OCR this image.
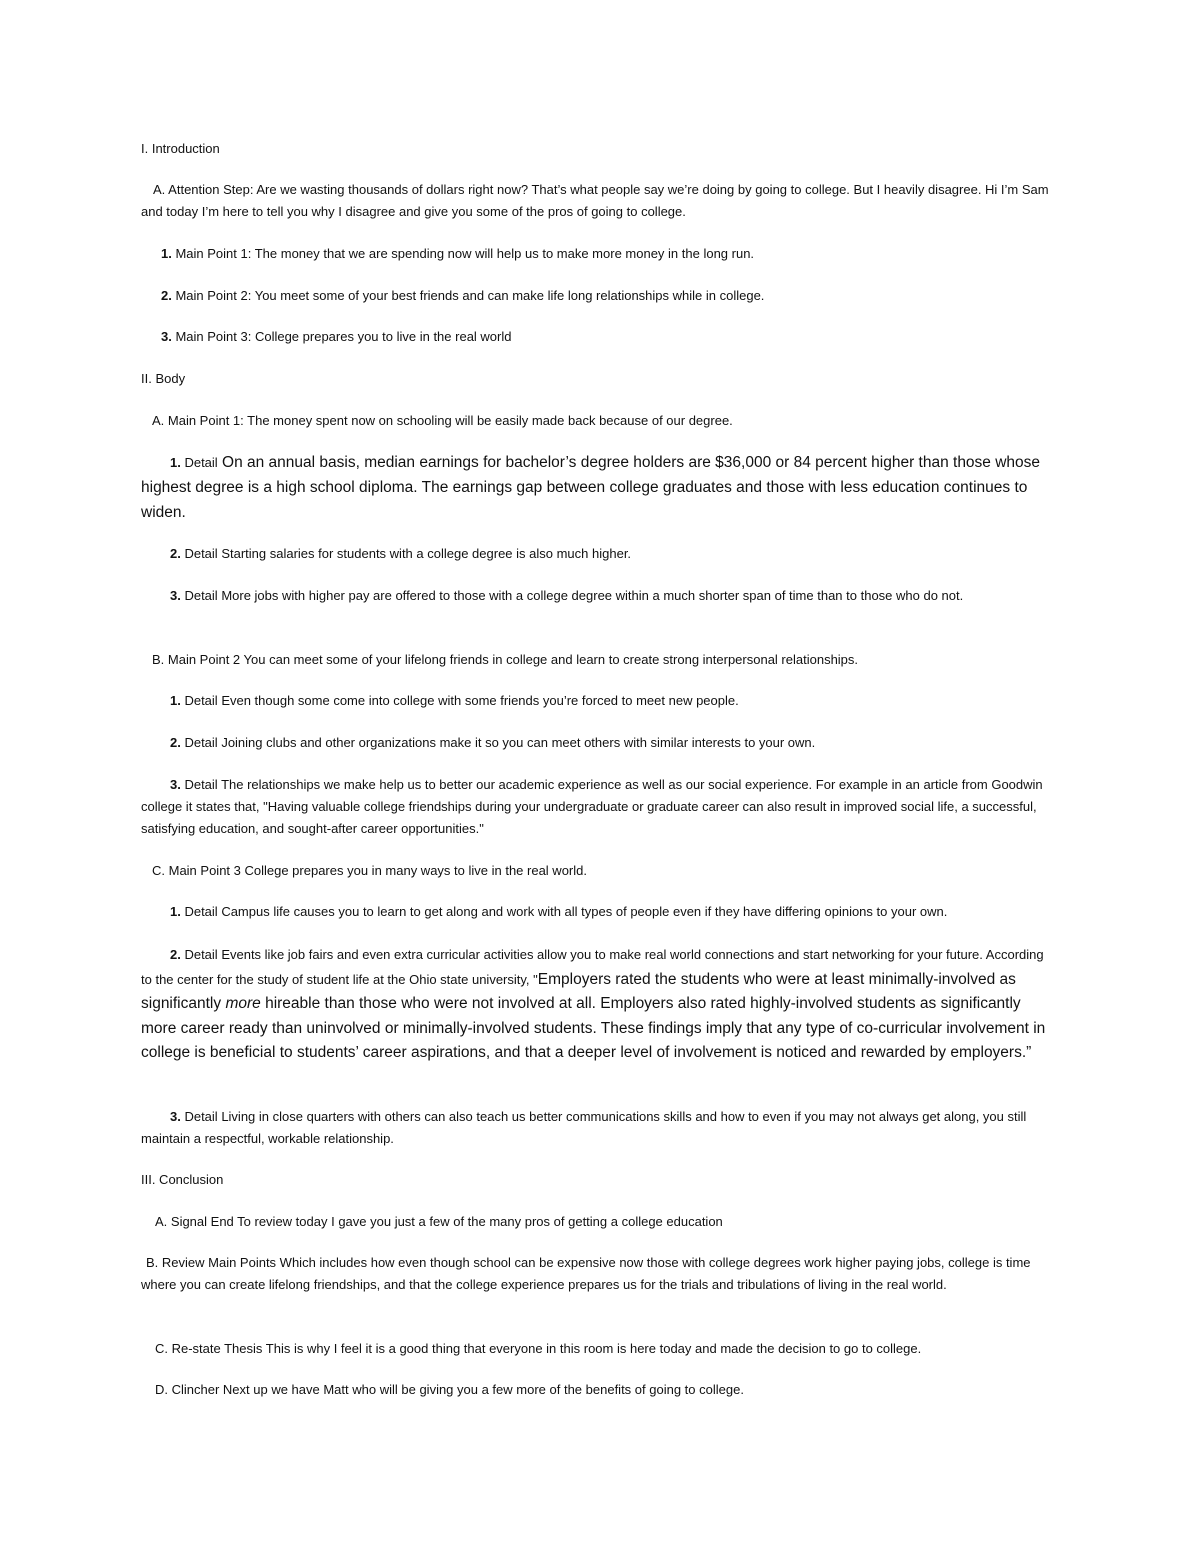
I. Introduction

A. Attention Step: Are we wasting thousands of dollars right now? That’s what people say we’re doing by going to college. But I heavily disagree. Hi I’m Sam and today I’m here to tell you why I disagree and give you some of the pros of going to college.

1. Main Point 1: The money that we are spending now will help us to make more money in the long run.

2. Main Point 2: You meet some of your best friends and can make life long relationships while in college.

3. Main Point 3: College prepares you to live in the real world

II. Body

A. Main Point 1: The money spent now on schooling will be easily made back because of our degree.

1. Detail On an annual basis, median earnings for bachelor’s degree holders are $36,000 or 84 percent higher than those whose highest degree is a high school diploma. The earnings gap between college graduates and those with less education continues to widen.

2. Detail Starting salaries for students with a college degree is also much higher.

3. Detail More jobs with higher pay are offered to those with a college degree within a much shorter span of time than to those who do not.

B. Main Point 2 You can meet some of your lifelong friends in college and learn to create strong interpersonal relationships.

1. Detail Even though some come into college with some friends you’re forced to meet new people.

2. Detail Joining clubs and other organizations make it so you can meet others with similar interests to your own.

3. Detail The relationships we make help us to better our academic experience as well as our social experience. For example in an article from Goodwin college it states that, "Having valuable college friendships during your undergraduate or graduate career can also result in improved social life, a successful, satisfying education, and sought-after career opportunities."

C. Main Point 3 College prepares you in many ways to live in the real world.

1. Detail Campus life causes you to learn to get along and work with all types of people even if they have differing opinions to your own.

2. Detail Events like job fairs and even extra curricular activities allow you to make real world connections and start networking for your future. According to the center for the study of student life at the Ohio state university, "Employers rated the students who were at least minimally-involved as significantly more hireable than those who were not involved at all. Employers also rated highly-involved students as significantly more career ready than uninvolved or minimally-involved students. These findings imply that any type of co-curricular involvement in college is beneficial to students’ career aspirations, and that a deeper level of involvement is noticed and rewarded by employers.”

3. Detail Living in close quarters with others can also teach us better communications skills and how to even if you may not always get along, you still maintain a respectful, workable relationship.

III. Conclusion

A. Signal End To review today I gave you just a few of the many pros of getting a college education

B. Review Main Points Which includes how even though school can be expensive now those with college degrees work higher paying jobs, college is time where you can create lifelong friendships, and that the college experience prepares us for the trials and tribulations of living in the real world.

C. Re-state Thesis This is why I feel it is a good thing that everyone in this room is here today and made the decision to go to college.

D. Clincher Next up we have Matt who will be giving you a few more of the benefits of going to college.
